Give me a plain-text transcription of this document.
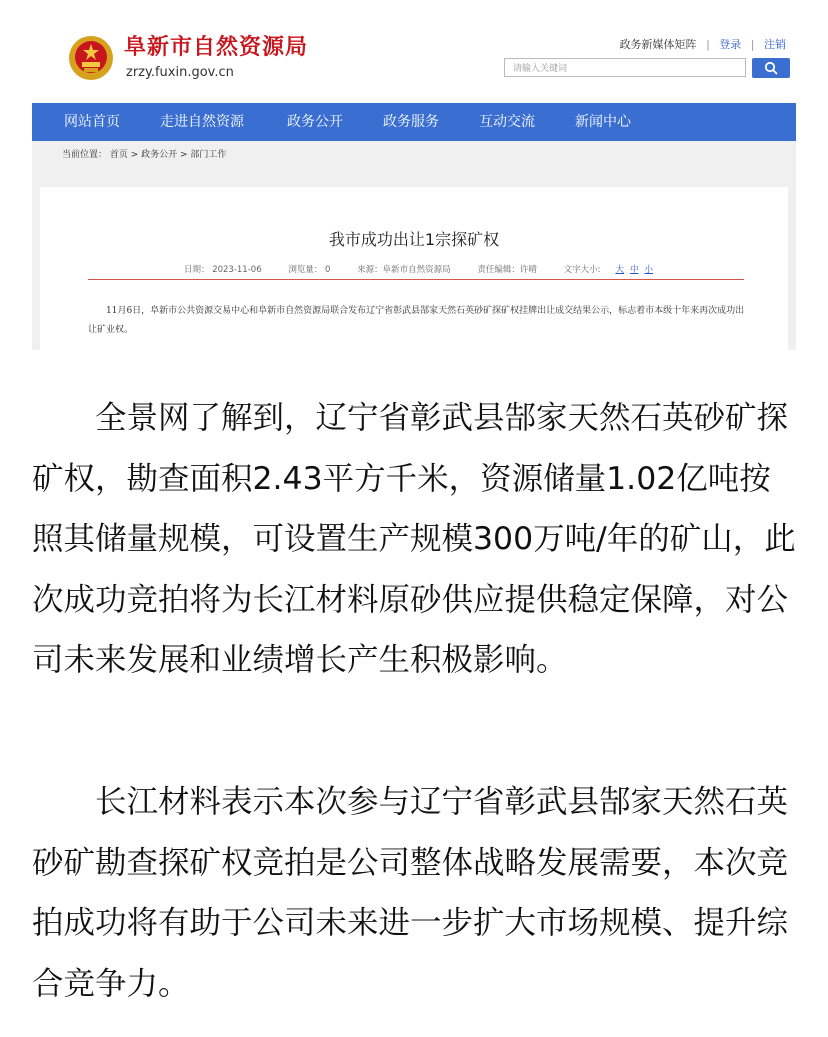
阜新市自然资源局
zrzy.fuxin.gov.cn
政务新媒体矩阵 | 登录 | 注销
请输入关键词
网站首页	走进自然资源	政务公开	政务服务	互动交流	新闻中心
当前位置： 首页 > 政务公开 > 部门工作
我市成功出让1宗探矿权
日期： 2023-11-06	浏览量： 0	来源：阜新市自然资源局	责任编辑：许晴	文字大小: 大 中 小
11月6日，阜新市公共资源交易中心和阜新市自然资源局联合发布辽宁省彰武县郜家天然石英砂矿探矿权挂牌出让成交结果公示，标志着市本级十年来再次成功出让矿业权。
全景网了解到，辽宁省彰武县郜家天然石英砂矿探矿权，勘查面积2.43平方千米，资源储量1.02亿吨按照其储量规模，可设置生产规模300万吨/年的矿山，此次成功竞拍将为长江材料原砂供应提供稳定保障，对公司未来发展和业绩增长产生积极影响。
长江材料表示本次参与辽宁省彰武县郜家天然石英砂矿勘查探矿权竞拍是公司整体战略发展需要，本次竞拍成功将有助于公司未来进一步扩大市场规模、提升综合竞争力。
